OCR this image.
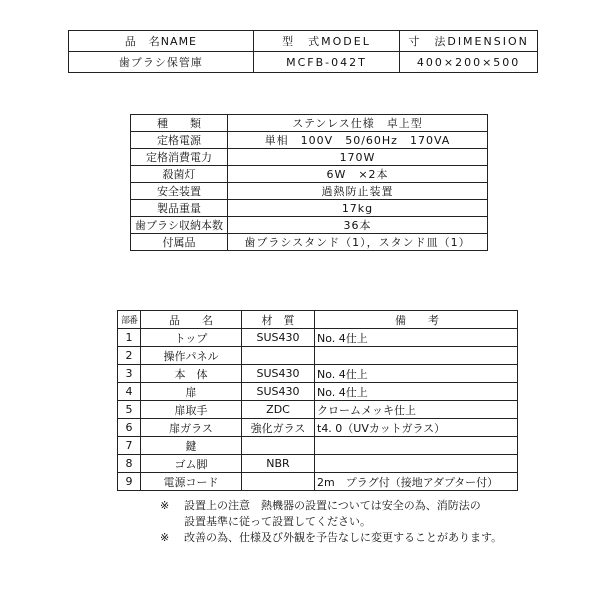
品　名NAME	型　式MODEL	寸　法DIMENSION
歯ブラシ保管庫	MCFB-042T	400×200×500
種　　類	ステンレス仕様　卓上型
定格電源	単相　100V　50/60Hz　170VA
定格消費電力	170W
殺菌灯	6W　×2本
安全装置	過熱防止装置
製品重量	17kg
歯ブラシ収納本数	36本
付属品	歯ブラシスタンド（1），スタンド皿（1）
部番	品　　名	材　質	備　　考
1	トップ	SUS430	No. 4仕上
2	操作パネル		
3	本　体	SUS430	No. 4仕上
4	扉	SUS430	No. 4仕上
5	扉取手	ZDC	クロームメッキ仕上
6	扉ガラス	強化ガラス	t4. 0（UVカットガラス）
7	鍵		
8	ゴム脚	NBR	
9	電源コード		2m　プラグ付（接地アダプター付）
※ 設置上の注意　熱機器の設置については安全の為、消防法の
設置基準に従って設置してください。
※ 改善の為、仕様及び外観を予告なしに変更することがあります。
